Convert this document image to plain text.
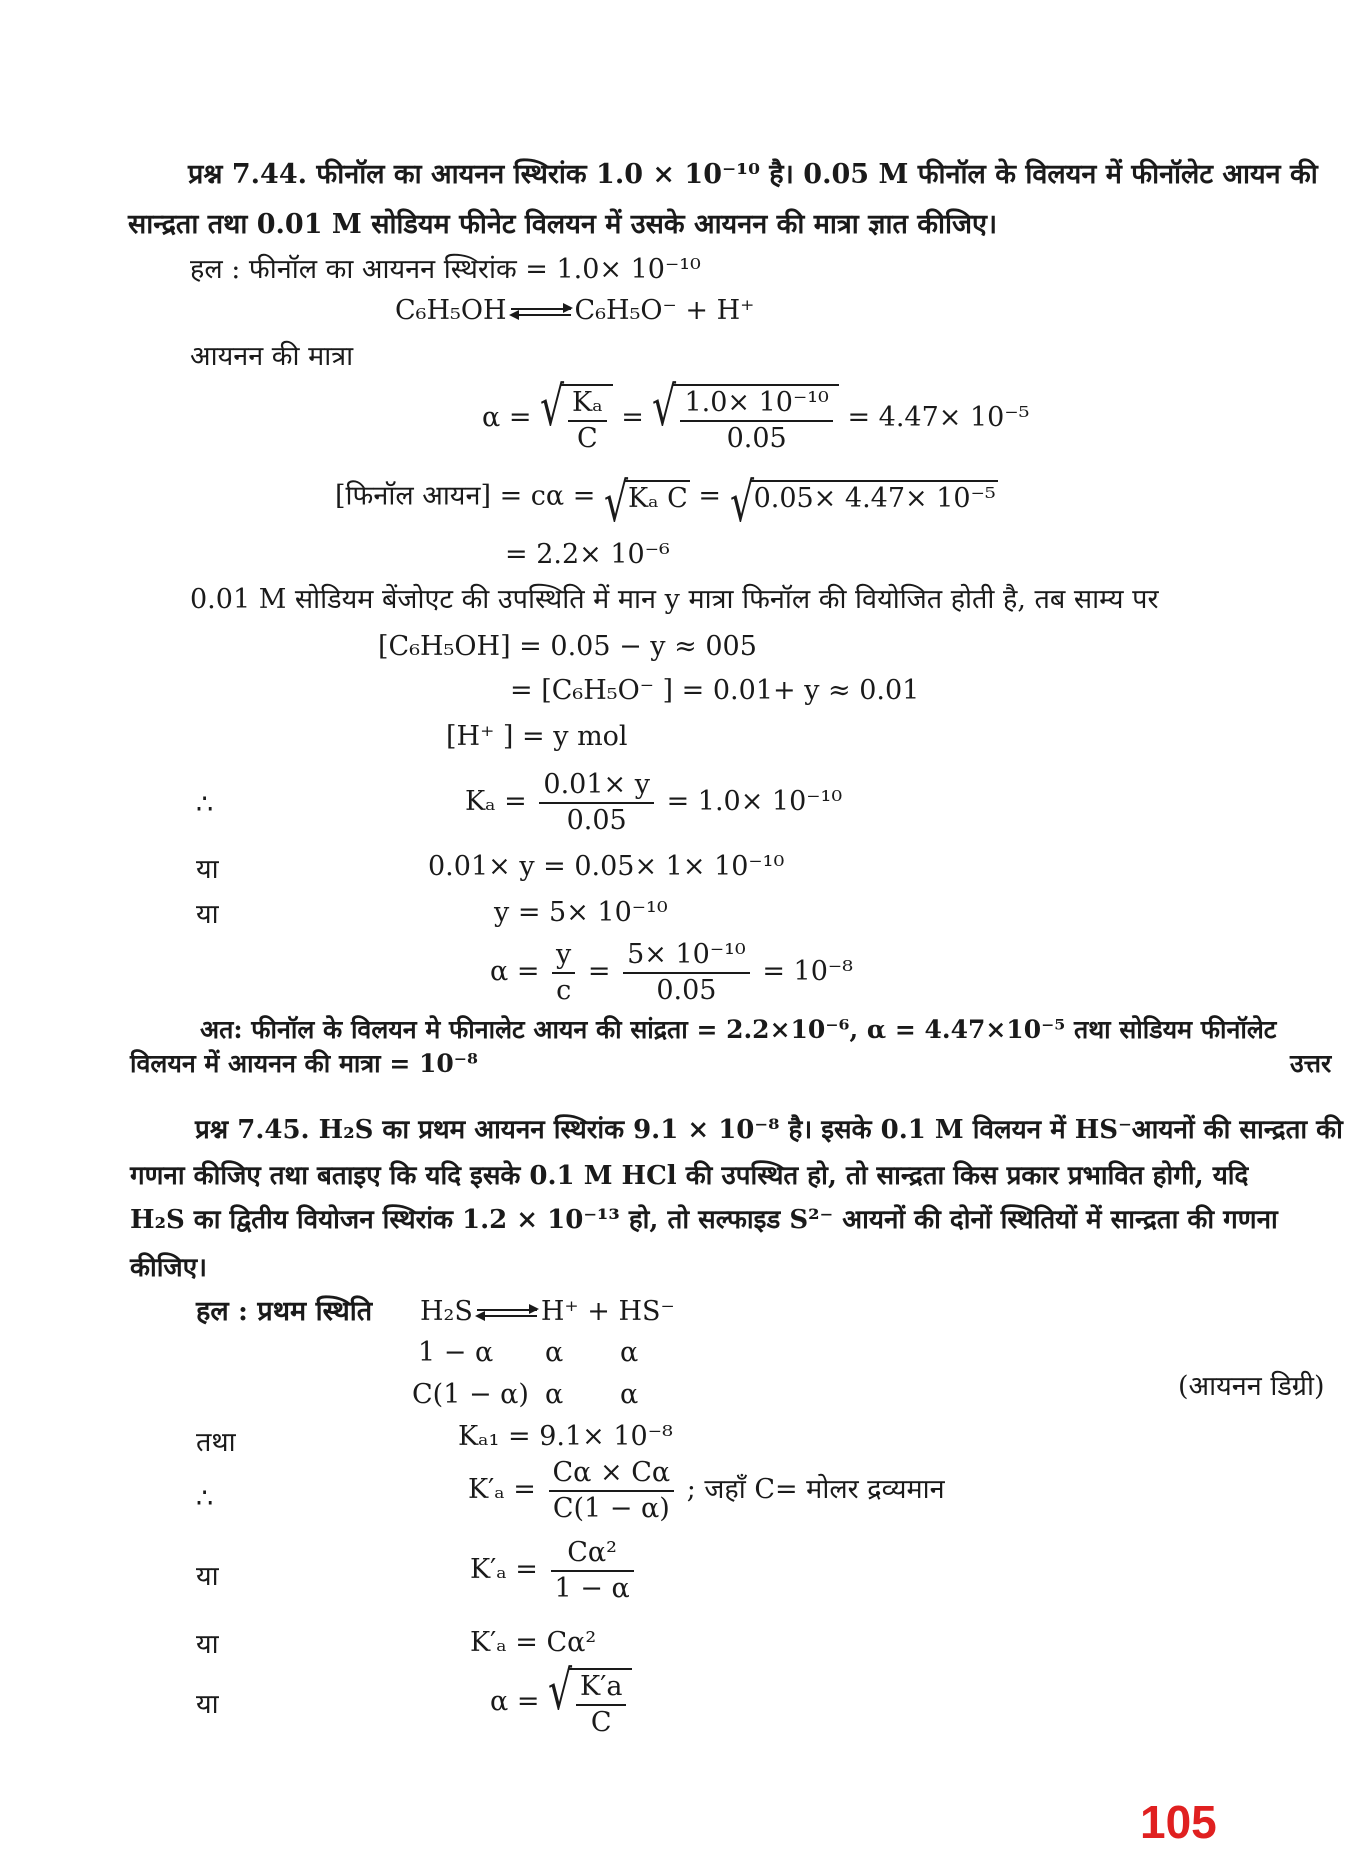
प्रश्न 7.44. फीनॉल का आयनन स्थिरांक 1.0 × 10⁻¹⁰ है। 0.05 M फीनॉल के विलयन में फीनॉलेट आयन की
सान्द्रता तथा 0.01 M सोडियम फीनेट विलयन में उसके आयनन की मात्रा ज्ञात कीजिए।
हल : फीनॉल का आयनन स्थिरांक = 1.0× 10⁻¹⁰
C₆H₅OH	C₆H₅O⁻ + H⁺
आयनन की मात्रा
α = √ $\frac{\text{Kₐ}}{C}$ = √ $\frac{\text{1.0× 10⁻¹⁰}}{0.05} = 4.47\times 10^{-5}$
[फिनॉल आयन] = cα = √ Kₐ C = √ 0.05× 4.47× 10⁻⁵
= 2.2× 10⁻⁶
0.01 M सोडियम बेंजोएट की उपस्थिति में मान y मात्रा फिनॉल की वियोजित होती है, तब साम्य पर
[C₆H₅OH] = 0.05 − y ≈ 005
= [C₆H₅O⁻ ] = 0.01+ y ≈ 0.01
[H⁺ ] = y mol
∴	$K_a = \frac{0.01\times y}{0.05} = 1.0\times 10^{-10}$
या	0.01× y = 0.05× 1× 10⁻¹⁰
या	y = 5× 10⁻¹⁰
$\alpha = \frac{y}{c} = \frac{\text{5× 10⁻¹⁰}}{0.05} = 10^{-8}$
अत: फीनॉल के विलयन मे फीनालेट आयन की सांद्रता = 2.2×10⁻⁶, α = 4.47×10⁻⁵ तथा सोडियम फीनॉलेट
विलयन में आयनन की मात्रा = 10⁻⁸	उत्तर
प्रश्न 7.45. H₂S का प्रथम आयनन स्थिरांक 9.1 × 10⁻⁸ है। इसके 0.1 M विलयन में HS⁻आयनों की सान्द्रता की
गणना कीजिए तथा बताइए कि यदि इसके 0.1 M HCl की उपस्थित हो, तो सान्द्रता किस प्रकार प्रभावित होगी, यदि
H₂S का द्वितीय वियोजन स्थिरांक 1.2 × 10⁻¹³ हो, तो सल्फाइड S²⁻ आयनों की दोनों स्थितियों में सान्द्रता की गणना
कीजिए।
हल : प्रथम स्थिति H₂S	H⁺ + HS⁻
1 − α α α
C(1 − α) α α	(आयनन डिग्री)
तथा	Kₐ₁ = 9.1× 10⁻⁸
∴	$K'_a = \frac{C\alpha \times C\alpha}{C(1 - \alpha)}$ ; जहाँ C= मोलर द्रव्यमान
या	$K'_a = \frac{\text{Cα²}}{1 - \alpha}$
या	K′ₐ = Cα²
या	α = √ $\frac{K'a}{C}$
105
